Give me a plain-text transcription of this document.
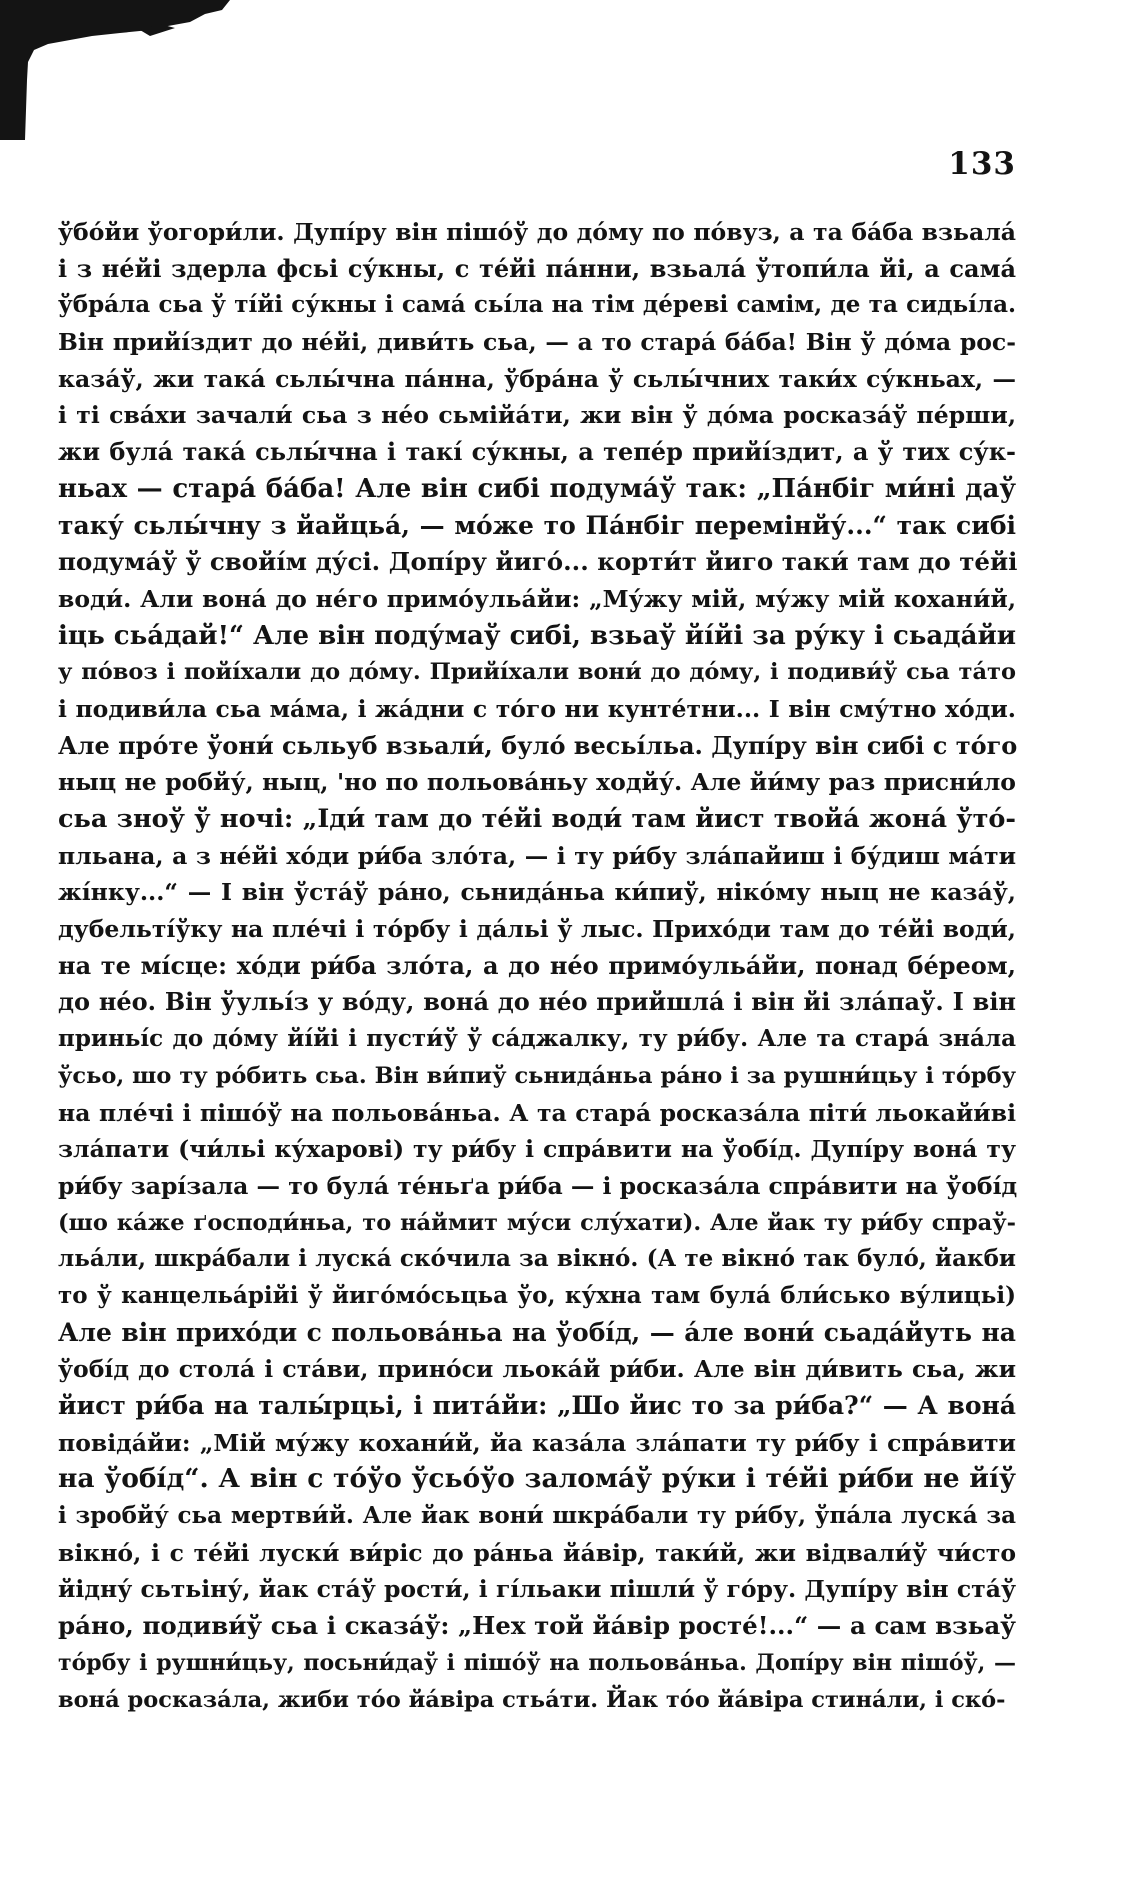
133
ўбо́йи ўогори́ли. Дупі́ру він пішо́ў до до́му по по́вуз, а та ба́ба взьала́
і з не́йі здерла фсьі су́кны, с те́йі па́нни, взьала́ ўтопи́ла йі, а сама́
ўбра́ла сьа ў ті́йі су́кны і сама́ сьі́ла на тім де́реві самім, де та сидьі́ла.
Він прийі́здит до не́йі, диви́ть сьа, — а то стара́ ба́ба! Він ў до́ма рос-
каза́ў, жи така́ сьлы́чна па́нна, ўбра́на ў сьлы́чних таки́х су́кньах, —
і ті сва́хи зачали́ сьа з не́о сьмійа́ти, жи він ў до́ма росказа́ў пе́рши,
жи була́ така́ сьлы́чна і такі́ су́кны, а тепе́р прийі́здит, а ў тих су́к-
ньах — стара́ ба́ба! Але він сибі подума́ў так: „Па́нбіг ми́ні даў
таку́ сьлы́чну з йайцьа́, — мо́же то Па́нбіг перемінйу́...“ так сибі
подума́ў ў свойі́м ду́сі. Допі́ру йиго́... корти́т йиго таки́ там до те́йі
води́. Али вона́ до не́го примо́ульа́йи: „Му́жу мій, му́жу мій кохани́й,
іць сьа́дай!“ Але він поду́маў сибі, взьаў йі́йі за ру́ку і сьада́йи
у по́воз і пойі́хали до до́му. Прийі́хали вони́ до до́му, і подиви́ў сьа та́то
і подиви́ла сьа ма́ма, і жа́дни с то́го ни кунте́тни... І він сму́тно хо́ди.
Але про́те ўони́ сьльуб взьали́, було́ весьі́льа. Дупі́ру він сибі с то́го
ныц не робйу́, ныц, 'но по польова́ньу ходйу́. Але йи́му раз присни́ло
сьа зноў ў ночі: „Іди́ там до те́йі води́ там йист твойа́ жона́ ўто́-
пльана, а з не́йі хо́ди ри́ба зло́та, — і ту ри́бу зла́пайиш і бу́диш ма́ти
жі́нку...“ — І він ўста́ў ра́но, сьнида́ньа ки́пиў, ніко́му ныц не каза́ў,
дубельті́ўку на пле́чі і то́рбу і да́льі ў лыс. Прихо́ди там до те́йі води́,
на те мі́сце: хо́ди ри́ба зло́та, а до не́о примо́ульа́йи, понад бе́реом,
до не́о. Він ўульі́з у во́ду, вона́ до не́о прийшла́ і він йі зла́паў. І він
приньі́с до до́му йі́йі і пусти́ў ў са́джалку, ту ри́бу. Але та стара́ зна́ла
ўсьо, шо ту ро́бить сьа. Він ви́пиў сьнида́ньа ра́но і за рушни́цьу і то́рбу
на пле́чі і пішо́ў на польова́ньа. А та стара́ росказа́ла піти́ льокайи́ві
зла́пати (чи́льі ку́харові) ту ри́бу і спра́вити на ўобі́д. Дупі́ру вона́ ту
ри́бу зарі́зала — то була́ те́ньґа ри́ба — і росказа́ла спра́вити на ўобі́д
(шо ка́же ґосподи́ньа, то на́ймит му́си слу́хати). Але йак ту ри́бу спраў-
льа́ли, шкра́бали і луска́ ско́чила за вікно́. (А те вікно́ так було́, йакби
то ў канцельа́рійі ў йиго́мо́сьцьа ўо, ку́хна там була́ бли́сько ву́лицьі)
Але він прихо́ди с польова́ньа на ўобі́д, — а́ле вони́ сьада́йуть на
ўобі́д до стола́ і ста́ви, прино́си льока́й ри́би. Але він ди́вить сьа, жи
йист ри́ба на талы́рцьі, і пита́йи: „Шо йис то за ри́ба?“ — А вона́
повіда́йи: „Мій му́жу кохани́й, йа каза́ла зла́пати ту ри́бу і спра́вити
на ўобі́д“. А він с то́ўо ўсьо́ўо залома́ў ру́ки і те́йі ри́би не йі́ў
і зробйу́ сьа мертви́й. Але йак вони́ шкра́бали ту ри́бу, ўпа́ла луска́ за
вікно́, і с те́йі луски́ ви́ріс до ра́ньа йа́вір, таки́й, жи відвали́ў чи́сто
йідну́ сьтьіну́, йак ста́ў рости́, і гі́льаки пішли́ ў го́ру. Дупі́ру він ста́ў
ра́но, подиви́ў сьа і сказа́ў: „Нех той йа́вір росте́!...“ — а сам взьаў
то́рбу і рушни́цьу, посьни́даў і пішо́ў на польова́ньа. Допі́ру він пішо́ў, —
вона́ росказа́ла, жиби то́о йа́віра стьа́ти. Йак то́о йа́віра стина́ли, і ско́-
